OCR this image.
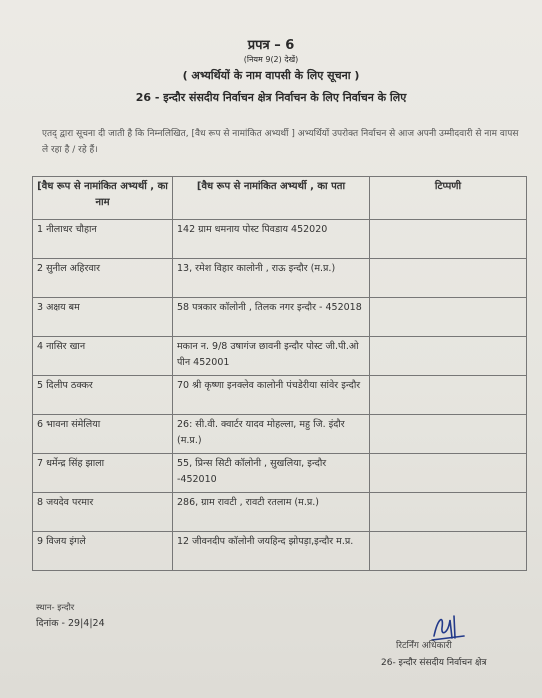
प्रपत्र – 6
(नियम 9(2) देखें)
( अभ्यर्थियों के नाम वापसी के लिए सूचना )
26 - इन्दौर संसदीय निर्वाचन क्षेत्र निर्वाचन के लिए निर्वाचन के लिए
एतद् द्वारा सूचना दी जाती है कि निम्नलिखित, [वैध रूप से नामांकित अभ्यर्थी ] अभ्यर्थियों उपरोक्त निर्वाचन से आज अपनी उम्मीदवारी से नाम वापस ले रहा है / रहे हैं।
[वैध रूप से नामांकित अभ्यर्थी , का नाम	[वैध रूप से नामांकित अभ्यर्थी , का पता	टिप्पणी
1 नीलाधर चौहान	142 ग्राम धमनाय पोस्ट पिवडाय 452020	
2 सुनील अहिरवार	13, रमेश विहार कालोनी , राऊ इन्दौर (म.प्र.)	
3 अक्षय बम	58 पत्रकार कॉलोनी , तिलक नगर इन्दौर - 452018	
4 नासिर खान	मकान न. 9/8 उषागंज छावनी इन्दौर पोस्ट जी.पी.ओ पीन 452001	
5 दिलीप ठक्कर	70 श्री कृष्णा इनक्लेव कालोनी पंचडेरीया सांवेर इन्दौर	
6 भावना संमेलिया	26: सी.वी. क्वार्टर यादव मोहल्ला, महु जि. इंदौर (म.प्र.)	
7 धर्मेन्द्र सिंह झाला	55, प्रिन्स सिटी कॉलोनी , सुखलिया, इन्दौर -452010	
8 जयदेव परमार	286, ग्राम रावटी , रावटी रतलाम (म.प्र.)	
9 विजय इंगले	12 जीवनदीप कॉलोनी जयहिन्द झोपड़ा,इन्दौर म.प्र.	
स्थान- इन्दौर
दिनांक - 29|4|24
रिटर्निंग अधिकारी
26- इन्दौर संसदीय निर्वाचन क्षेत्र
